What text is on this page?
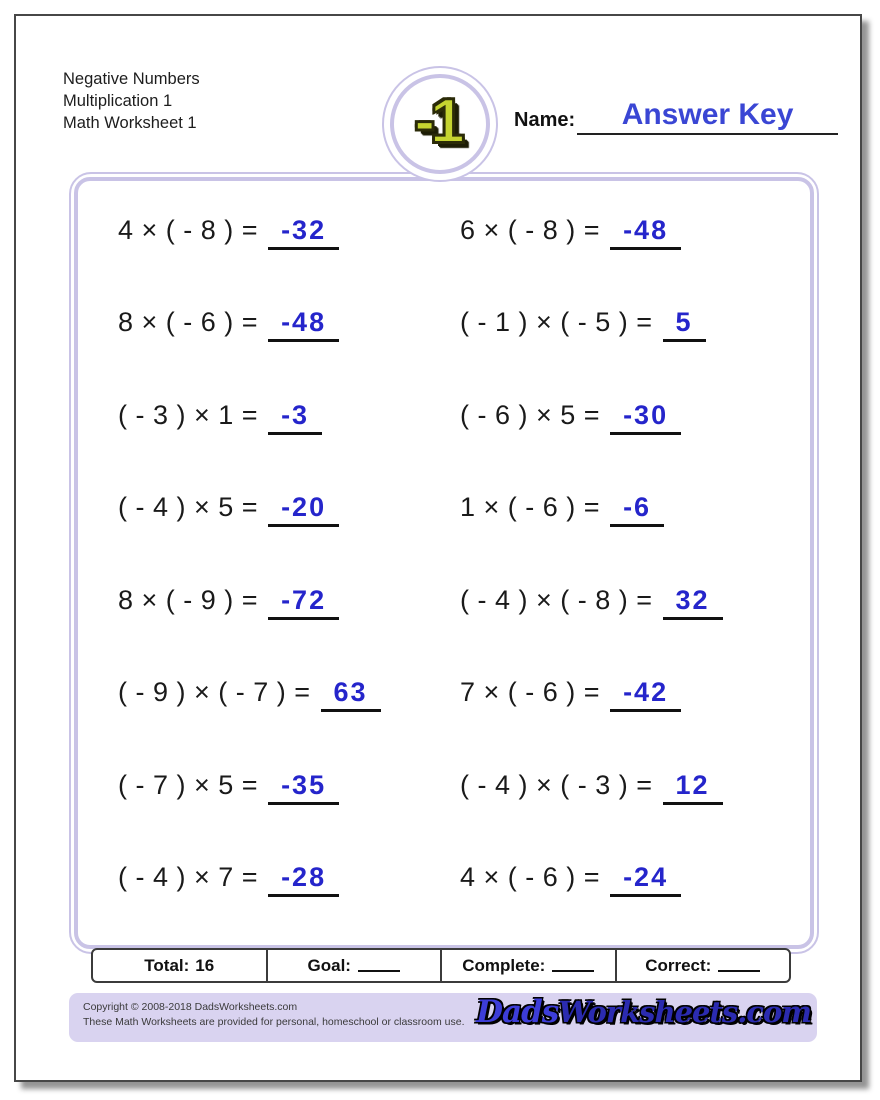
Negative Numbers
Multiplication 1
Math Worksheet 1	-1	Name:	Answer Key
4 × ( - 8 ) = -32	6 × ( - 8 ) = -48
8 × ( - 6 ) = -48	( - 1 ) × ( - 5 ) = 5
( - 3 ) × 1 = -3	( - 6 ) × 5 = -30
( - 4 ) × 5 = -20	1 × ( - 6 ) = -6
8 × ( - 9 ) = -72	( - 4 ) × ( - 8 ) = 32
( - 9 ) × ( - 7 ) = 63	7 × ( - 6 ) = -42
( - 7 ) × 5 = -35	( - 4 ) × ( - 3 ) = 12
( - 4 ) × 7 = -28	4 × ( - 6 ) = -24
Total: 16	Goal:	Complete:	Correct:
Copyright © 2008-2018 DadsWorksheets.com
These Math Worksheets are provided for personal, homeschool or classroom use. DadsWorksheets.com
